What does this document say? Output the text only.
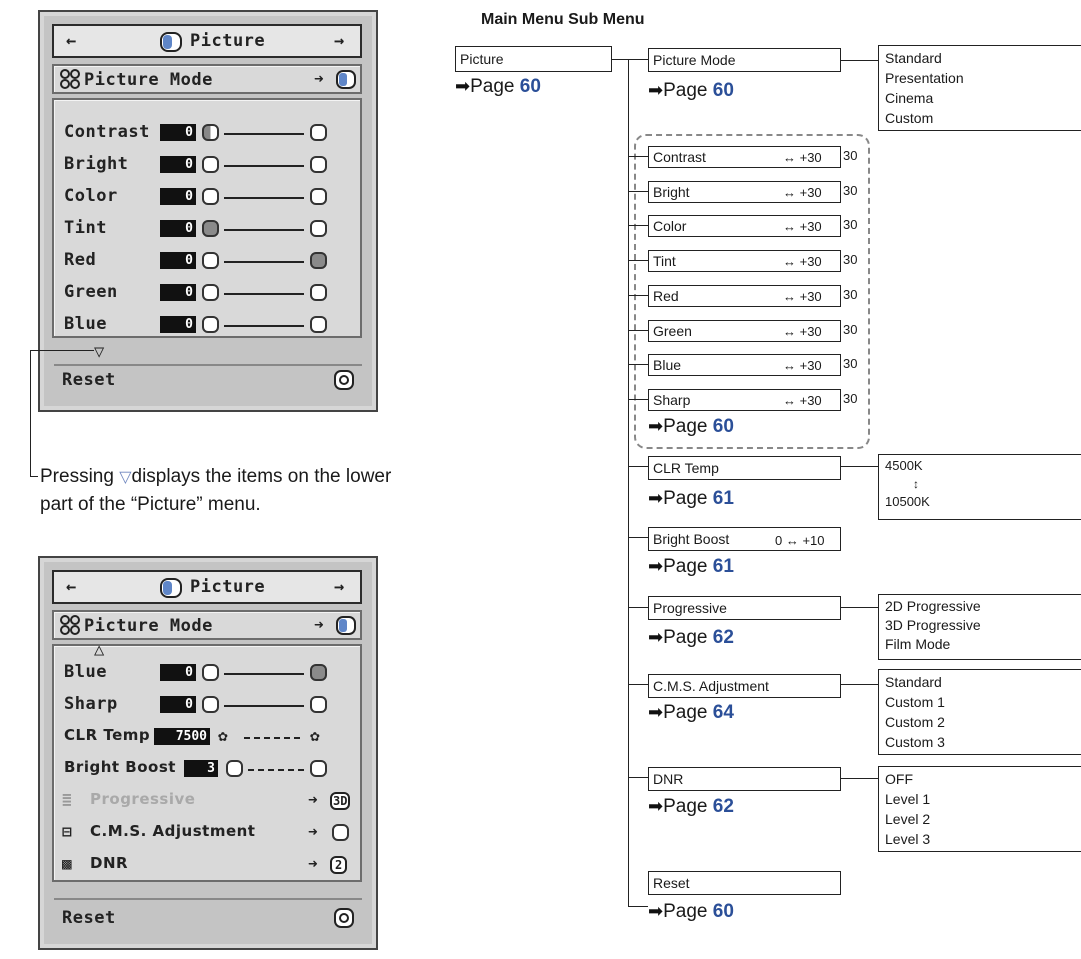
←	Picture	→
Picture Mode	➜
Contrast	0
Bright	0
Color	0
Tint	0
Red	0
Green	0
Blue	0
▽
Reset
Pressing ▽displays the items on the lower
part of the “Picture” menu.
←	Picture	→
Picture Mode	➜
△
Blue	0
Sharp	0
CLR Temp	7500 ✿	✿
Bright Boost	3
≣ Progressive	➜ 3D
⊟ C.M.S. Adjustment	➜
▩ DNR	➜	2
Reset
Main Menu Sub Menu
Picture
➡Page 60
Picture Mode
➡Page 60
Standard
Presentation
Cinema
Custom
Contrast	↔ +30 30
Bright	↔ +30 30
Color	↔ +30 30
Tint	↔ +30 30
Red	↔ +30 30
Green	↔ +30 30
Blue	↔ +30 30
Sharp	↔ +30 30
➡Page 60
CLR Temp	4500K
↕
10500K
➡Page 61
Bright Boost	0 ↔ +10
➡Page 61
Progressive	2D Progressive
3D Progressive
Film Mode
➡Page 62
C.M.S. Adjustment	Standard
Custom 1
Custom 2
Custom 3
➡Page 64
DNR	OFF
Level 1
Level 2
Level 3
➡Page 62
Reset
➡Page 60
